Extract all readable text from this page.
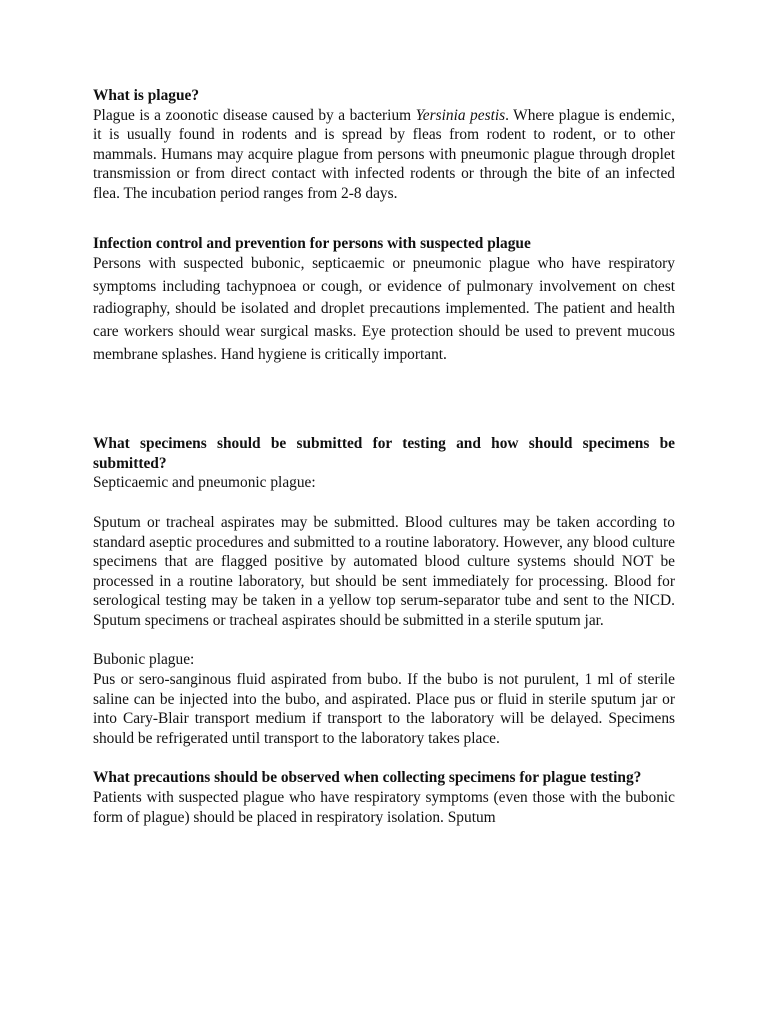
What is plague?

Plague is a zoonotic disease caused by a bacterium Yersinia pestis. Where plague is endemic, it is usually found in rodents and is spread by fleas from rodent to rodent, or to other mammals. Humans may acquire plague from persons with pneumonic plague through droplet transmission or from direct contact with infected rodents or through the bite of an infected flea. The incubation period ranges from 2-8 days.

Infection control and prevention for persons with suspected plague

Persons with suspected bubonic, septicaemic or pneumonic plague who have respiratory symptoms including tachypnoea or cough, or evidence of pulmonary involvement on chest radiography, should be isolated and droplet precautions implemented. The patient and health care workers should wear surgical masks. Eye protection should be used to prevent mucous membrane splashes. Hand hygiene is critically important.

What specimens should be submitted for testing and how should specimens be submitted?

Septicaemic and pneumonic plague:

Sputum or tracheal aspirates may be submitted. Blood cultures may be taken according to standard aseptic procedures and submitted to a routine laboratory. However, any blood culture specimens that are flagged positive by automated blood culture systems should NOT be processed in a routine laboratory, but should be sent immediately for processing. Blood for serological testing may be taken in a yellow top serum-separator tube and sent to the NICD. Sputum specimens or tracheal aspirates should be submitted in a sterile sputum jar.

Bubonic plague:

Pus or sero-sanginous fluid aspirated from bubo. If the bubo is not purulent, 1 ml of sterile saline can be injected into the bubo, and aspirated. Place pus or fluid in sterile sputum jar or into Cary-Blair transport medium if transport to the laboratory will be delayed. Specimens should be refrigerated until transport to the laboratory takes place.

What precautions should be observed when collecting specimens for plague testing?

Patients with suspected plague who have respiratory symptoms (even those with the bubonic form of plague) should be placed in respiratory isolation. Sputum
